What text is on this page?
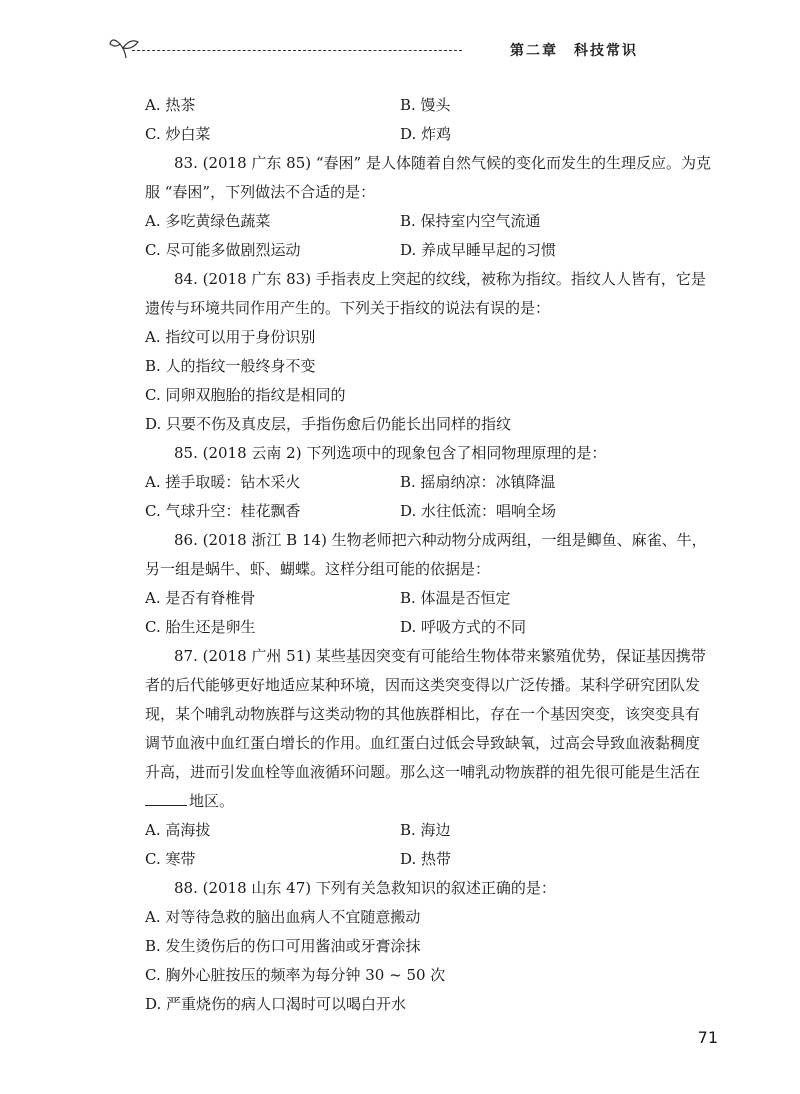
第二章 科技常识
A. 热茶	B. 馒头
C. 炒白菜	D. 炸鸡
83. (2018 广东 85) “春困” 是人体随着自然气候的变化而发生的生理反应。为克
服 “春困”，下列做法不合适的是：
A. 多吃黄绿色蔬菜	B. 保持室内空气流通
C. 尽可能多做剧烈运动	D. 养成早睡早起的习惯
84. (2018 广东 83) 手指表皮上突起的纹线，被称为指纹。指纹人人皆有，它是
遗传与环境共同作用产生的。下列关于指纹的说法有误的是：
A. 指纹可以用于身份识别
B. 人的指纹一般终身不变
C. 同卵双胞胎的指纹是相同的
D. 只要不伤及真皮层，手指伤愈后仍能长出同样的指纹
85. (2018 云南 2) 下列选项中的现象包含了相同物理原理的是：
A. 搓手取暖：钻木采火	B. 摇扇纳凉：冰镇降温
C. 气球升空：桂花飘香	D. 水往低流：唱响全场
86. (2018 浙江 B 14) 生物老师把六种动物分成两组，一组是鲫鱼、麻雀、牛，
另一组是蜗牛、虾、蝴蝶。这样分组可能的依据是：
A. 是否有脊椎骨	B. 体温是否恒定
C. 胎生还是卵生	D. 呼吸方式的不同
87. (2018 广州 51) 某些基因突变有可能给生物体带来繁殖优势，保证基因携带
者的后代能够更好地适应某种环境，因而这类突变得以广泛传播。某科学研究团队发
现，某个哺乳动物族群与这类动物的其他族群相比，存在一个基因突变，该突变具有
调节血液中血红蛋白增长的作用。血红蛋白过低会导致缺氧，过高会导致血液黏稠度
升高，进而引发血栓等血液循环问题。那么这一哺乳动物族群的祖先很可能是生活在
地区。
A. 高海拔	B. 海边
C. 寒带	D. 热带
88. (2018 山东 47) 下列有关急救知识的叙述正确的是：
A. 对等待急救的脑出血病人不宜随意搬动
B. 发生烫伤后的伤口可用酱油或牙膏涂抹
C. 胸外心脏按压的频率为每分钟 30 ~ 50 次
D. 严重烧伤的病人口渴时可以喝白开水
71
